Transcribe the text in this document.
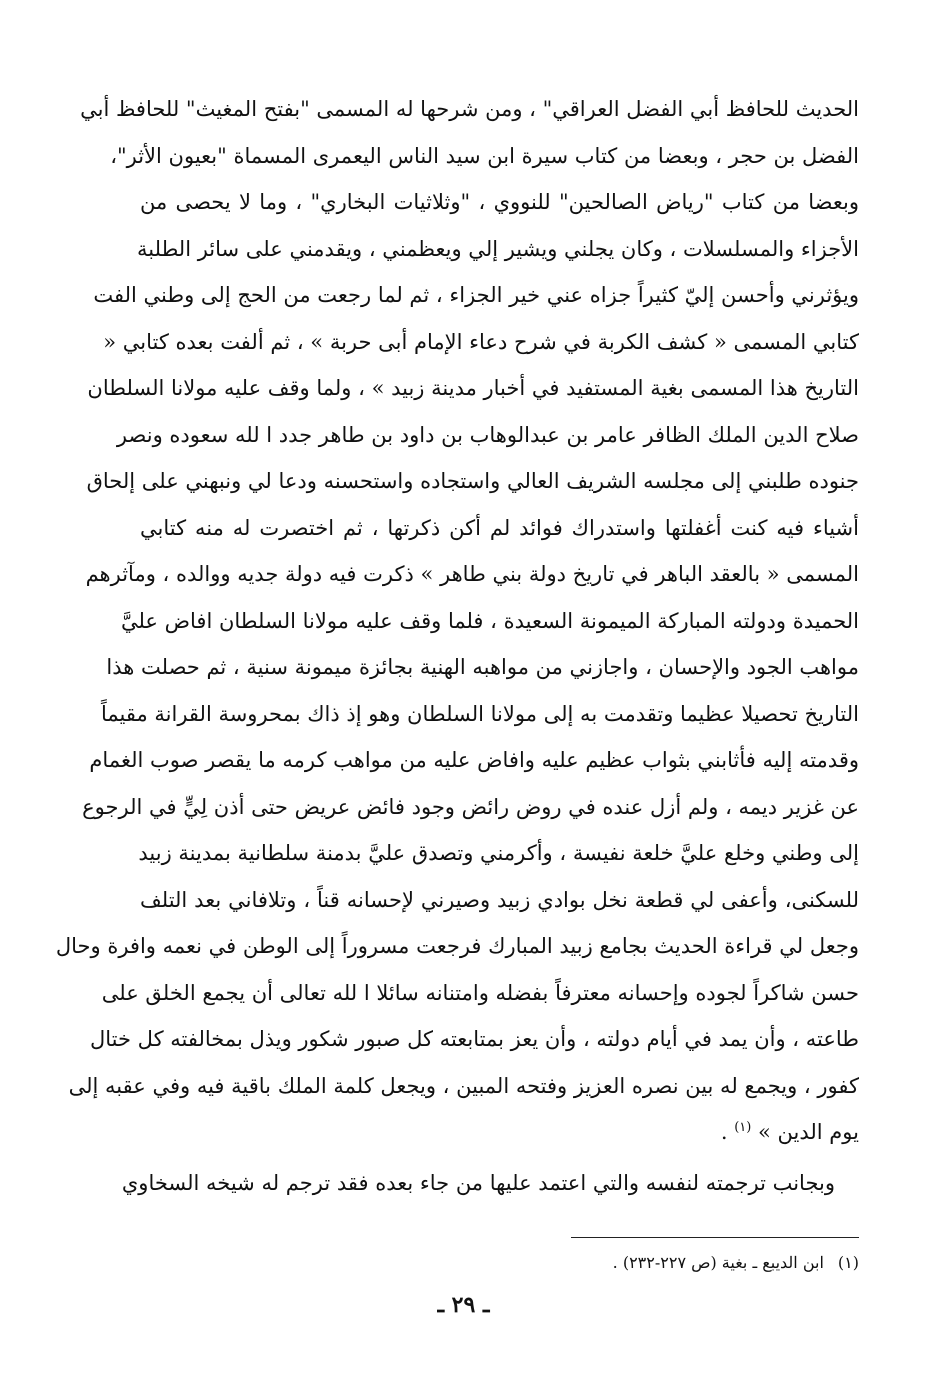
الحديث للحافظ أبي الفضل العراقي" ، ومن شرحها له المسمى "بفتح المغيث" للحافظ أبي
الفضل بن حجر ، وبعضا من كتاب سيرة ابن سيد الناس اليعمرى المسماة "بعيون الأثر"،
وبعضا من كتاب "رياض الصالحين" للنووي ، "وثلاثيات البخاري" ، وما لا يحصى من
الأجزاء والمسلسلات ، وكان يجلني ويشير إلي ويعظمني ، ويقدمني على سائر الطلبة
ويؤثرني وأحسن إليّ كثيراً جزاه عني خير الجزاء ، ثم لما رجعت من الحج إلى وطني الفت
كتابي المسمى « كشف الكربة في شرح دعاء الإمام أبى حربة » ، ثم ألفت بعده كتابي «
التاريخ هذا المسمى بغية المستفيد في أخبار مدينة زبيد » ، ولما وقف عليه مولانا السلطان
صلاح الدين الملك الظافر عامر بن عبدالوهاب بن داود بن طاهر جدد ا لله سعوده ونصر
جنوده طلبني إلى مجلسه الشريف العالي واستجاده واستحسنه ودعا لي ونبهني على إلحاق
أشياء فيه كنت أغفلتها واستدراك فوائد لم أكن ذكرتها ، ثم اختصرت له منه كتابي
المسمى « بالعقد الباهر في تاريخ دولة بني طاهر » ذكرت فيه دولة جديه ووالده ، ومآثرهم
الحميدة ودولته المباركة الميمونة السعيدة ، فلما وقف عليه مولانا السلطان افاض عليَّ
مواهب الجود والإحسان ، واجازني من مواهبه الهنية بجائزة ميمونة سنية ، ثم حصلت هذا
التاريخ تحصيلا عظيما وتقدمت به إلى مولانا السلطان وهو إذ ذاك بمحروسة القرانة مقيماً
وقدمته إليه فأثابني بثواب عظيم عليه وافاض عليه من مواهب كرمه ما يقصر صوب الغمام
عن غزير ديمه ، ولم أزل عنده في روض رائض وجود فائض عريض حتى أذن لِيٍّ في الرجوع
إلى وطني وخلع عليَّ خلعة نفيسة ، وأكرمني وتصدق عليَّ بدمنة سلطانية بمدينة زبيد
للسكنى، وأعفى لي قطعة نخل بوادي زبيد وصيرني لإحسانه قناً ، وتلافاني بعد التلف
وجعل لي قراءة الحديث بجامع زبيد المبارك فرجعت مسروراً إلى الوطن في نعمه وافرة وحال
حسن شاكراً لجوده وإحسانه معترفاً بفضله وامتنانه سائلا ا لله تعالى أن يجمع الخلق على
طاعته ، وأن يمد في أيام دولته ، وأن يعز بمتابعته كل صبور شكور ويذل بمخالفته كل ختال
كفور ، ويجمع له بين نصره العزيز وفتحه المبين ، ويجعل كلمة الملك باقية فيه وفي عقبه إلى
يوم الدين » $^{(١)}$ .
وبجانب ترجمته لنفسه والتي اعتمد عليها من جاء بعده فقد ترجم له شيخه السخاوي
(١)ابن الديبع ـ بغية (ص ٢٢٧-٢٣٢) .
ـ ٢٩ ـ
